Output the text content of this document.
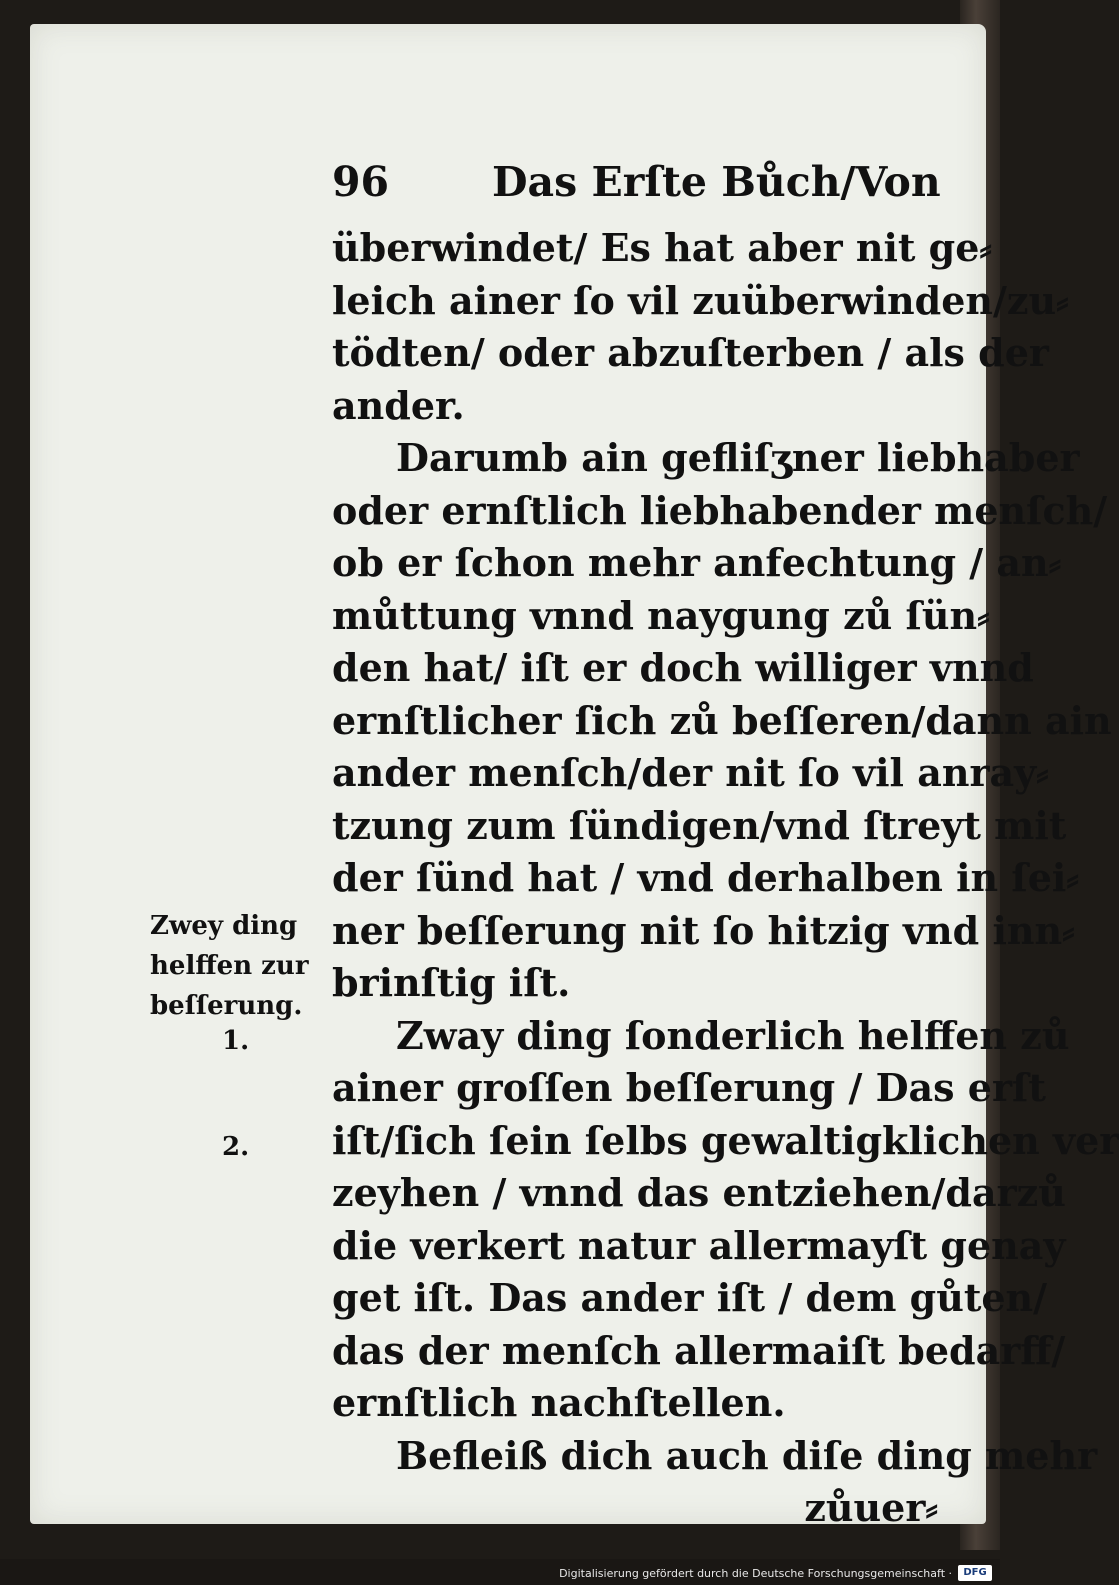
96	Das Erſte Bůch/Von
überwindet/ Es hat aber nit ge⸗
leich ainer ſo vil zuüberwinden/zu⸗
tödten/ oder abzuſterben / als der
ander.
Darumb ain gefliſʒner liebhaber
oder ernſtlich liebhabender menſch/
ob er ſchon mehr anfechtung / an⸗
můttung vnnd naygung zů ſün⸗
den hat/ iſt er doch williger vnnd
ernſtlicher ſich zů beſſeren/dann ain
ander menſch/der nit ſo vil anray⸗
tzung zum ſündigen/vnd ſtreyt mit
der ſünd hat / vnd derhalben in ſei⸗
ner beſſerung nit ſo hitzig vnd inn⸗
brinſtig iſt.
Zway ding ſonderlich helffen zů
ainer groſſen beſſerung / Das erſt
iſt/ſich ſein ſelbs gewaltigklichen ver
zeyhen / vnnd das entziehen/darzů
die verkert natur allermayſt genay
get iſt. Das ander iſt / dem gůten/
das der menſch allermaiſt bedarff/
ernſtlich nachſtellen.
Befleiß dich auch diſe ding mehr
zůuer⸗
Zwey ding
helffen zur
beſſerung.
1.
2.
Digitalisierung gefördert durch die Deutsche Forschungsgemeinschaft ·	DFG
